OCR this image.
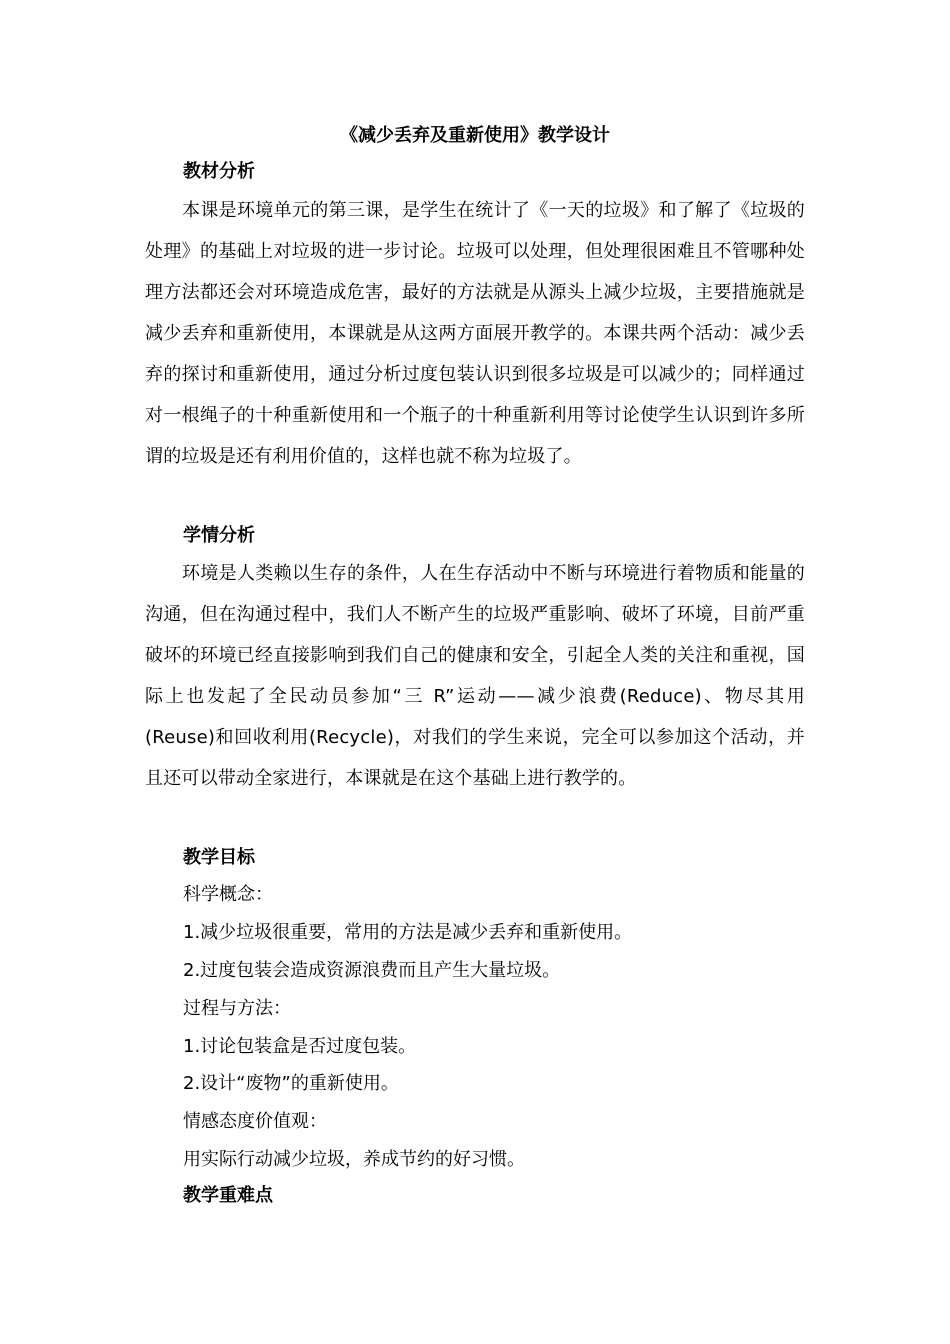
《减少丢弃及重新使用》教学设计
教材分析
本课是环境单元的第三课，是学生在统计了《一天的垃圾》和了解了《垃圾的处理》的基础上对垃圾的进一步讨论。垃圾可以处理，但处理很困难且不管哪种处理方法都还会对环境造成危害，最好的方法就是从源头上减少垃圾，主要措施就是减少丢弃和重新使用，本课就是从这两方面展开教学的。本课共两个活动：减少丢弃的探讨和重新使用，通过分析过度包装认识到很多垃圾是可以减少的；同样通过对一根绳子的十种重新使用和一个瓶子的十种重新利用等讨论使学生认识到许多所谓的垃圾是还有利用价值的，这样也就不称为垃圾了。
学情分析
环境是人类赖以生存的条件，人在生存活动中不断与环境进行着物质和能量的沟通，但在沟通过程中，我们人不断产生的垃圾严重影响、破坏了环境，目前严重破坏的环境已经直接影响到我们自己的健康和安全，引起全人类的关注和重视，国际上也发起了全民动员参加“三 R”运动——减少浪费(Reduce)、物尽其用(Reuse)和回收利用(Recycle)，对我们的学生来说，完全可以参加这个活动，并且还可以带动全家进行，本课就是在这个基础上进行教学的。
教学目标
科学概念：
1.减少垃圾很重要，常用的方法是减少丢弃和重新使用。
2.过度包装会造成资源浪费而且产生大量垃圾。
过程与方法：
1.讨论包装盒是否过度包装。
2.设计“废物”的重新使用。
情感态度价值观：
用实际行动减少垃圾，养成节约的好习惯。
教学重难点
